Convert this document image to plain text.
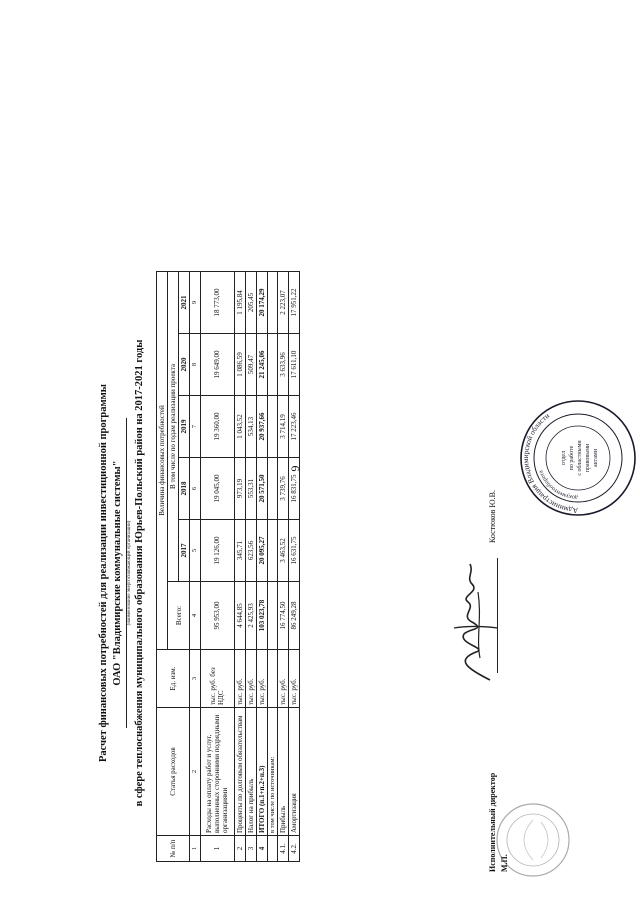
6
Расчет финансовых потребностей для реализации инвестиционной программы ОАО "Владимирские коммунальные системы" (наименование энергоснабжающей организации) в сфере теплоснабжения муниципального образования Юрьев-Польский район на 2017-2021 годы
№ п/п	Статья расходов	Ед. изм.	Величина финансовых потребностей					
			Всего:	В том числе по годам реализации проекта				
				2017	2018	2019	2020	2021
1	2	3	4	5	6	7	8	9
1	Расходы на оплату работ и услуг, выполненных сторонними подрядными организациями	тыс. руб. без НДС	95 953,00	19 126,00	19 045,00	19 360,00	19 649,00	18 773,00
2	Проценты по долговым обязательствам	тыс. руб.	4 644,85	345,71	973,19	1 043,52	1 086,59	1 195,84
3	Налог на прибыль	тыс. руб.	2 425,93	623,56	553,31	534,13	509,47	205,45
4	ИТОГО (п.1+п.2+п.3)	тыс. руб.	103 023,78	20 095,27	20 571,50	20 937,66	21 245,06	20 174,29
	в том числе по источникам:							
4.1.	Прибыль	тыс. руб.	16 774,50	3 463,52	3 739,76	3 714,19	3 633,96	2 223,07
4.2.	Амортизация	тыс. руб.	86 249,28	16 631,75	16 831,75	17 223,46	17 611,10	17 951,22
Исполнительный директор М.П.
Костюков Ю.В.	Администрация Владимирской области
документооборота
отдел по работе с областными правовыми актами
